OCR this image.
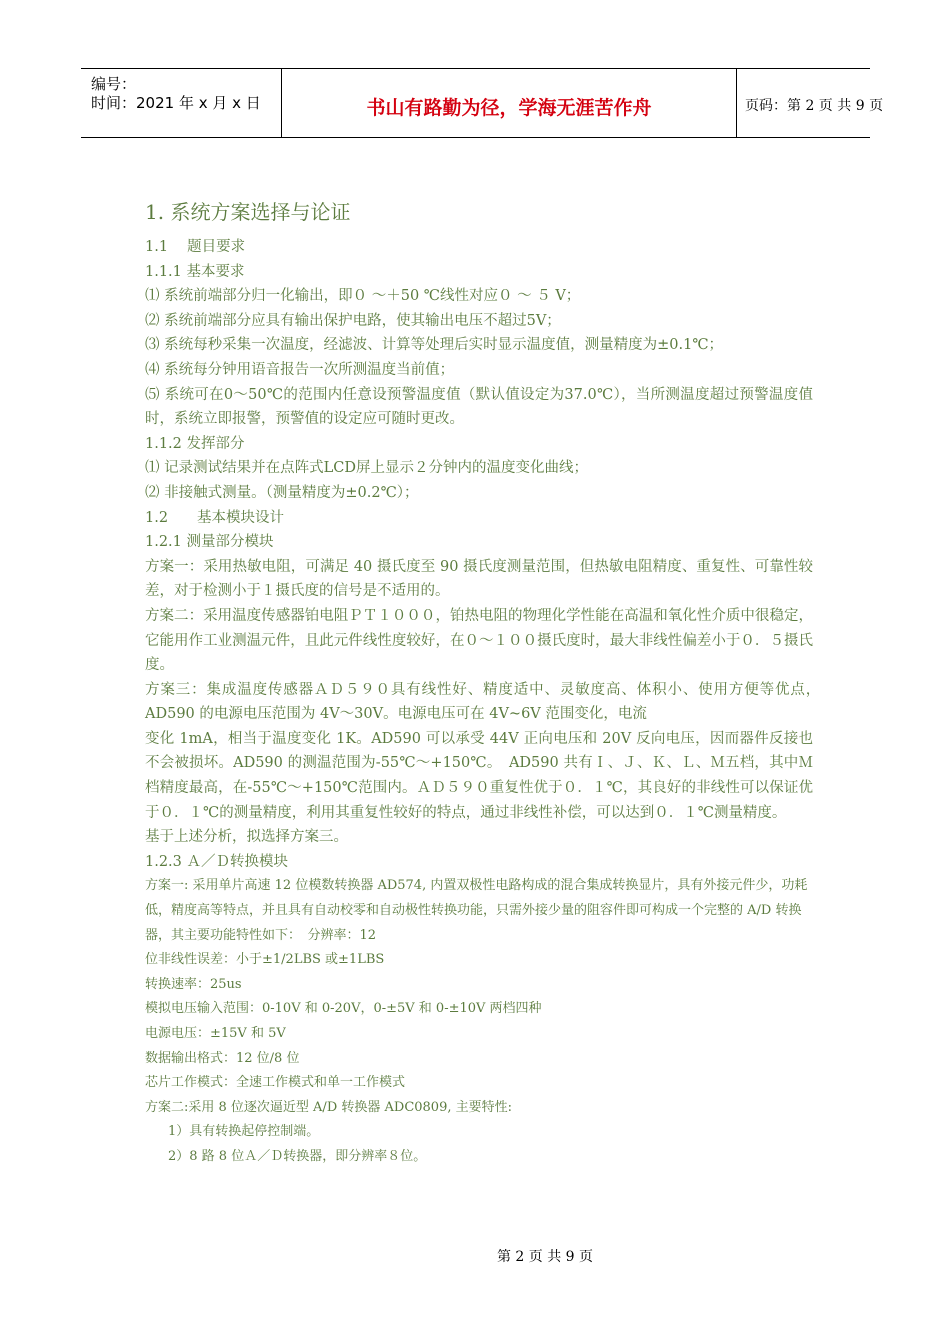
编号：
时间：2021 年 x 月 x 日	书山有路勤为径，学海无涯苦作舟	页码：第 2 页 共 9 页
1. 系统方案选择与论证

1.1　 题目要求

1.1.1 基本要求

⑴ 系统前端部分归一化输出，即０ ～＋50 ℃线性对应０ ～ ５ V；

⑵ 系统前端部分应具有输出保护电路，使其输出电压不超过5V；

⑶ 系统每秒采集一次温度，经滤波、计算等处理后实时显示温度值，测量精度为±0.1℃；

⑷ 系统每分钟用语音报告一次所测温度当前值；

⑸ 系统可在0～50℃的范围内任意设预警温度值（默认值设定为37.0℃），当所测温度超过预警温度值时，系统立即报警，预警值的设定应可随时更改。

1.1.2 发挥部分

⑴ 记录测试结果并在点阵式LCD屏上显示２分钟内的温度变化曲线；

⑵ 非接触式测量。（测量精度为±0.2℃）；

1.2　　基本模块设计

1.2.1 测量部分模块

方案一：采用热敏电阻，可满足 40 摄氏度至 90 摄氏度测量范围，但热敏电阻精度、重复性、可靠性较差，对于检测小于１摄氏度的信号是不适用的。

方案二：采用温度传感器铂电阻ＰＴ１０００，铂热电阻的物理化学性能在高温和氧化性介质中很稳定，它能用作工业测温元件，且此元件线性度较好，在０～１００摄氏度时，最大非线性偏差小于０．５摄氏度。

方案三：集成温度传感器ＡＤ５９０具有线性好、精度适中、灵敏度高、体积小、使用方便等优点，　 AD590 的电源电压范围为 4V～30V。电源电压可在 4V~6V 范围变化，电流

变化 1mA，相当于温度变化 1K。AD590 可以承受 44V 正向电压和 20V 反向电压，因而器件反接也不会被损坏。AD590 的测温范围为-55℃～+150℃。　AD590 共有Ｉ、Ｊ、Ｋ、Ｌ、Ｍ五档，其中Ｍ档精度最高，在-55℃～+150℃范围内。ＡＤ５９０重复性优于０．１℃，其良好的非线性可以保证优于０．１℃的测量精度，利用其重复性较好的特点，通过非线性补偿，可以达到０．１℃测量精度。

基于上述分析，拟选择方案三。

1.2.3 Ａ／Ｄ转换模块

方案一: 采用单片高速 12 位模数转换器 AD574, 内置双极性电路构成的混合集成转换显片，具有外接元件少，功耗低，精度高等特点，并且具有自动校零和自动极性转换功能，只需外接少量的阻容件即可构成一个完整的 A/D 转换器，其主要功能特性如下：　分辨率：12

位非线性误差：小于±1/2LBS 或±1LBS

转换速率：25us

模拟电压输入范围：0-10V 和 0-20V，0-±5V 和 0-±10V 两档四种

电源电压：±15V 和 5V

数据输出格式：12 位/8 位

芯片工作模式：全速工作模式和单一工作模式

方案二:采用 8 位逐次逼近型 A/D 转换器 ADC0809, 主要特性:

1）具有转换起停控制端。

2）8 路 8 位Ａ／Ｄ转换器，即分辨率８位。

第 2 页 共 9 页
